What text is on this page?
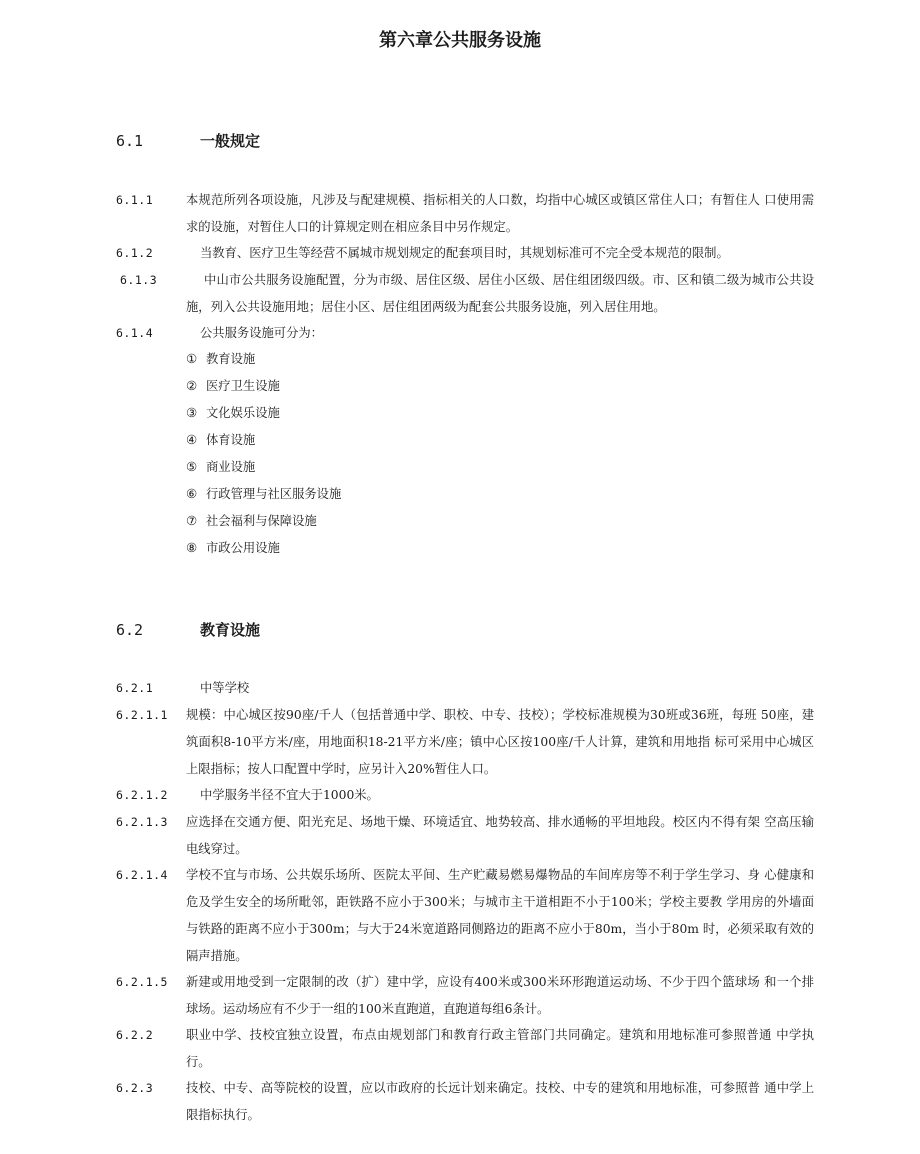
第六章公共服务设施
6.1	一般规定
6.1.1	本规范所列各项设施，凡涉及与配建规模、指标相关的人口数，均指中心城区或镇区常住人口；有暂住人 口使用需求的设施，对暂住人口的计算规定则在相应条目中另作规定。
6.1.2	当教育、医疗卫生等经营不属城市规划规定的配套项目时，其规划标准可不完全受本规范的限制。
6.1.3	中山市公共服务设施配置，分为市级、居住区级、居住小区级、居住组团级四级。市、区和镇二级为城市公共设施，列入公共设施用地；居住小区、居住组团两级为配套公共服务设施，列入居住用地。
6.1.4	公共服务设施可分为：
① 教育设施
② 医疗卫生设施
③ 文化娱乐设施
④ 体育设施
⑤ 商业设施
⑥ 行政管理与社区服务设施
⑦ 社会福利与保障设施
⑧ 市政公用设施
6.2	教育设施
6.2.1	中等学校
6.2.1.1 规模：中心城区按90座/千人（包括普通中学、职校、中专、技校）；学校标准规模为30班或36班，每班 50座，建筑面积8-10平方米/座，用地面积18-21平方米/座；镇中心区按100座/千人计算，建筑和用地指 标可采用中心城区上限指标；按人口配置中学时，应另计入20%暂住人口。
6.2.1.2	中学服务半径不宜大于1000米。
6.2.1.3 应选择在交通方便、阳光充足、场地干燥、环境适宜、地势较高、排水通畅的平坦地段。校区内不得有架 空高压输电线穿过。
6.2.1.4 学校不宜与市场、公共娱乐场所、医院太平间、生产贮藏易燃易爆物品的车间库房等不利于学生学习、身 心健康和危及学生安全的场所毗邻，距铁路不应小于300米；与城市主干道相距不小于100米；学校主要教 学用房的外墙面与铁路的距离不应小于300m；与大于24米宽道路同侧路边的距离不应小于80m，当小于80m 时，必须采取有效的隔声措施。
6.2.1.5 新建或用地受到一定限制的改（扩）建中学，应设有400米或300米环形跑道运动场、不少于四个篮球场 和一个排球场。运动场应有不少于一组的100米直跑道，直跑道每组6条计。
6.2.2	职业中学、技校宜独立设置，布点由规划部门和教育行政主管部门共同确定。建筑和用地标准可参照普通 中学执行。
6.2.3	技校、中专、高等院校的设置，应以市政府的长远计划来确定。技校、中专的建筑和用地标准，可参照普 通中学上限指标执行。
